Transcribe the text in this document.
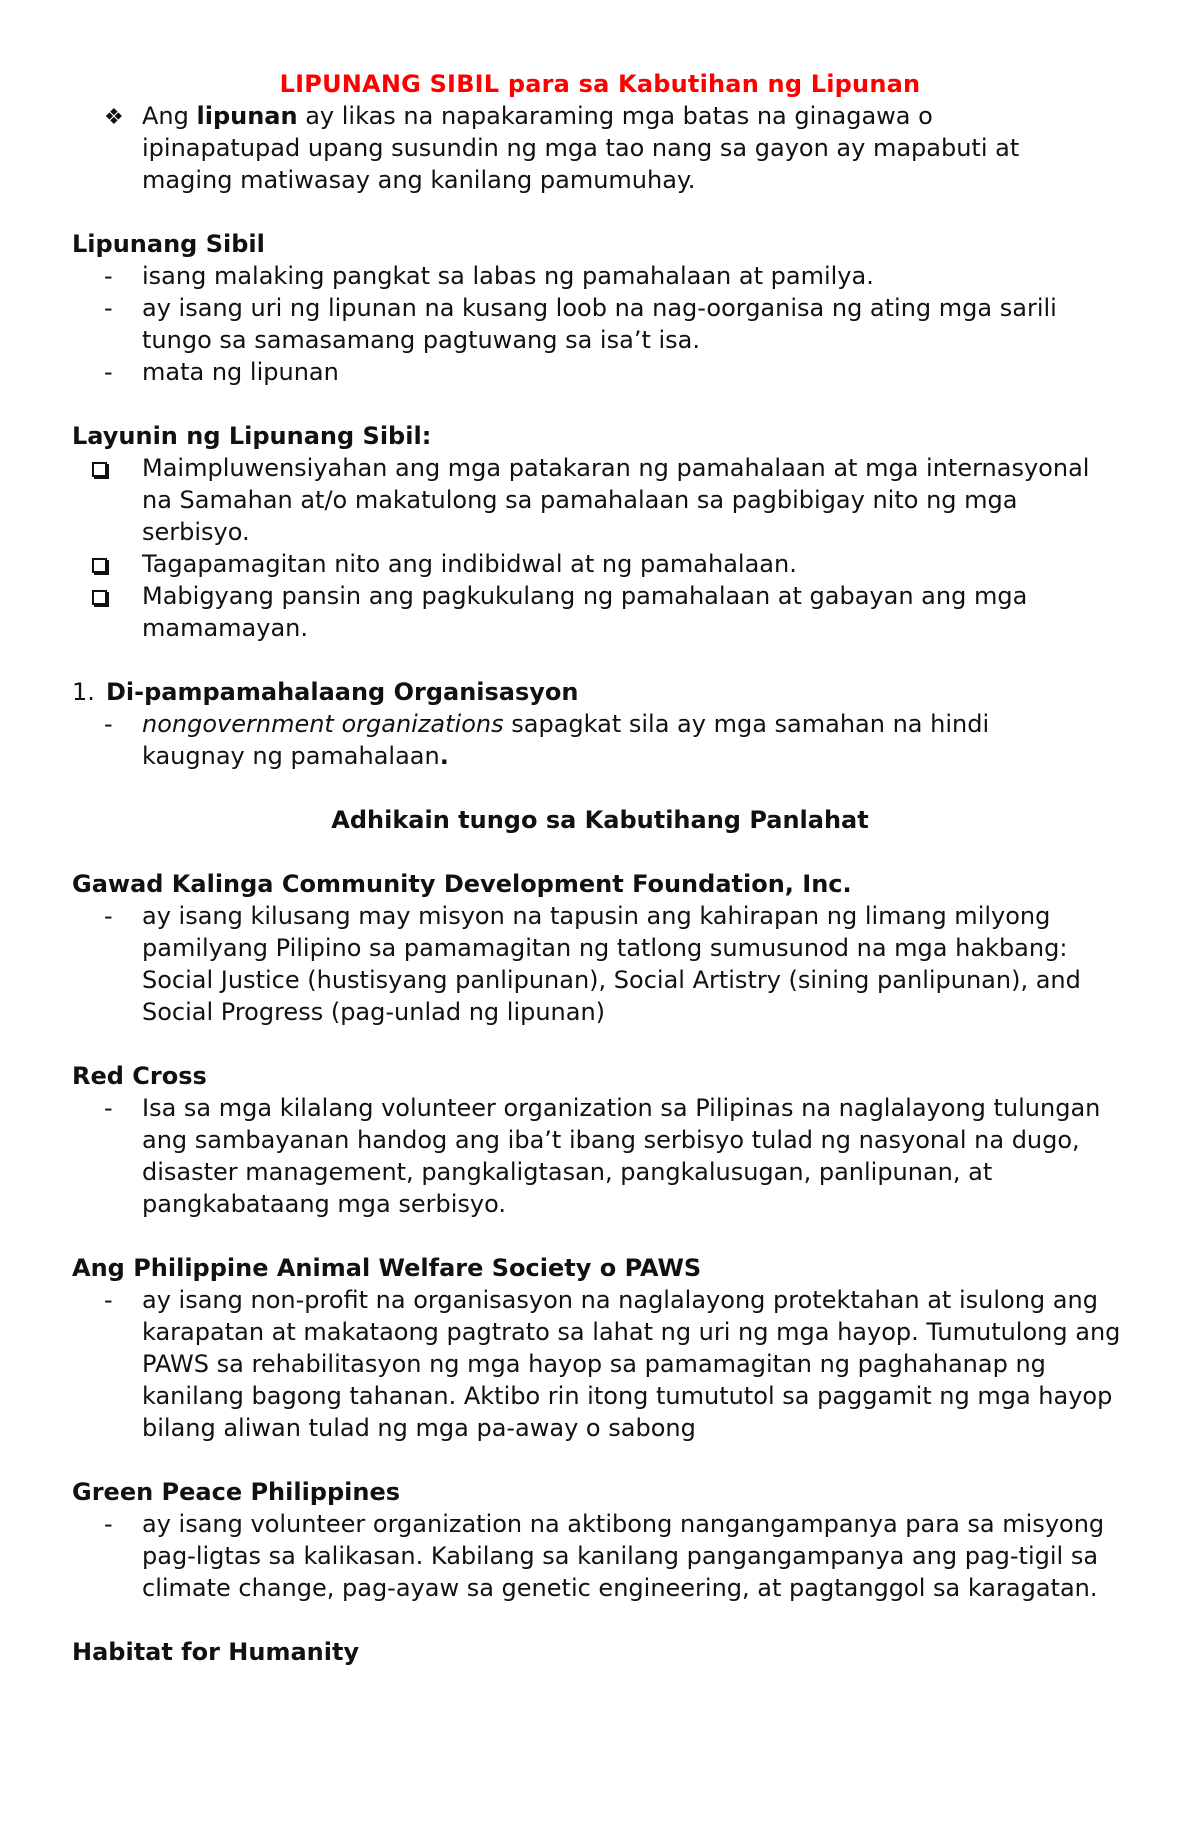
LIPUNANG SIBIL para sa Kabutihan ng Lipunan
❖ Ang lipunan ay likas na napakaraming mga batas na ginagawa o ipinapatupad upang susundin ng mga tao nang sa gayon ay mapabuti at maging matiwasay ang kanilang pamumuhay.
Lipunang Sibil
- isang malaking pangkat sa labas ng pamahalaan at pamilya.
- ay isang uri ng lipunan na kusang loob na nag-oorganisa ng ating mga sarili tungo sa samasamang pagtuwang sa isa’t isa.
- mata ng lipunan
Layunin ng Lipunang Sibil:
Maimpluwensiyahan ang mga patakaran ng pamahalaan at mga internasyonal na Samahan at/o makatulong sa pamahalaan sa pagbibigay nito ng mga serbisyo.
Tagapamagitan nito ang indibidwal at ng pamahalaan.
Mabigyang pansin ang pagkukulang ng pamahalaan at gabayan ang mga mamamayan.
1. Di-pampamahalaang Organisasyon
- nongovernment organizations sapagkat sila ay mga samahan na hindi kaugnay ng pamahalaan.
Adhikain tungo sa Kabutihang Panlahat
Gawad Kalinga Community Development Foundation, Inc.
- ay isang kilusang may misyon na tapusin ang kahirapan ng limang milyong pamilyang Pilipino sa pamamagitan ng tatlong sumusunod na mga hakbang: Social Justice (hustisyang panlipunan), Social Artistry (sining panlipunan), and Social Progress (pag-unlad ng lipunan)
Red Cross
- Isa sa mga kilalang volunteer organization sa Pilipinas na naglalayong tulungan ang sambayanan handog ang iba’t ibang serbisyo tulad ng nasyonal na dugo, disaster management, pangkaligtasan, pangkalusugan, panlipunan, at pangkabataang mga serbisyo.
Ang Philippine Animal Welfare Society o PAWS
- ay isang non-profit na organisasyon na naglalayong protektahan at isulong ang karapatan at makataong pagtrato sa lahat ng uri ng mga hayop. Tumutulong ang PAWS sa rehabilitasyon ng mga hayop sa pamamagitan ng paghahanap ng kanilang bagong tahanan. Aktibo rin itong tumututol sa paggamit ng mga hayop bilang aliwan tulad ng mga pa-away o sabong
Green Peace Philippines
- ay isang volunteer organization na aktibong nangangampanya para sa misyong pag-ligtas sa kalikasan. Kabilang sa kanilang pangangampanya ang pag-tigil sa climate change, pag-ayaw sa genetic engineering, at pagtanggol sa karagatan.
Habitat for Humanity
